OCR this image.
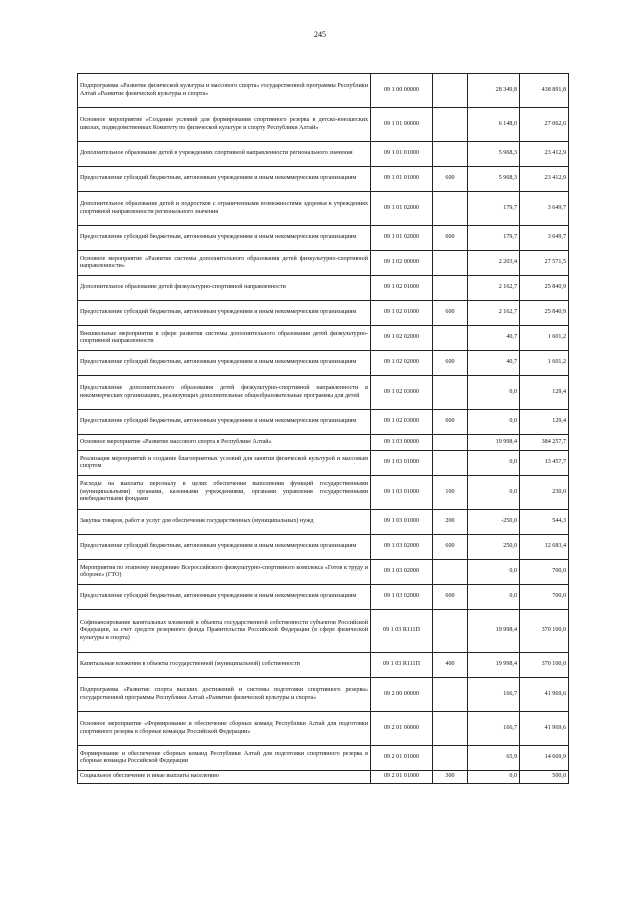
245
Подпрограмма «Развитие физической культуры и массового спорта» государственной программы Республики Алтай «Развитие физической культуры и спорта»	09 1 00 00000		28 349,8	438 891,8
Основное мероприятие «Создание условий для формирования спортивного резерва в детско-юношеских школах, подведомственных Комитету по физической культуре и спорту Республики Алтай»	09 1 01 00000		6 148,0	27 062,6
Дополнительное образование детей в учреждениях спортивной направленности регионального значения	09 1 01 01000		5 968,3	23 412,9
Предоставление субсидий бюджетным, автономным учреждениям и иным некоммерческим организациям	09 1 01 01000	600	5 968,3	23 412,9
Дополнительное образование детей и подростков с ограниченными возможностями здоровья в учреждениях спортивной направленности регионального значения	09 1 01 02000		179,7	3 649,7
Предоставление субсидий бюджетным, автономным учреждениям и иным некоммерческим организациям	09 1 01 02000	600	179,7	3 649,7
Основное мероприятие «Развитие системы дополнительного образования детей физкультурно-спортивной направленности»	09 1 02 00000		2 203,4	27 571,5
Дополнительное образование детей физкультурно-спортивной направленности	09 1 02 01000		2 162,7	25 840,9
Предоставление субсидий бюджетным, автономным учреждениям и иным некоммерческим организациям	09 1 02 01000	600	2 162,7	25 840,9
Внешкольные мероприятия в сфере развития системы дополнительного образования детей физкультурно-спортивной направленности	09 1 02 02000		40,7	1 601,2
Предоставление субсидий бюджетным, автономным учреждениям и иным некоммерческим организациям	09 1 02 02000	600	40,7	1 601,2
Предоставление дополнительного образования детей физкультурно-спортивной направленности в некоммерческих организациях, реализующих дополнительные общеобразовательные программы для детей	09 1 02 03000		0,0	129,4
Предоставление субсидий бюджетным, автономным учреждениям и иным некоммерческим организациям	09 1 02 03000	600	0,0	129,4
Основное мероприятие «Развитие массового спорта в Республике Алтай»	09 1 03 00000		19 998,4	384 257,7
Реализация мероприятий и создание благоприятных условий для занятия физической культурой и массовым спортом	09 1 03 01000		0,0	13 457,7
Расходы на выплаты персоналу в целях обеспечения выполнения функций государственными (муниципальными) органами, казенными учреждениями, органами управления государственными внебюджетными фондами	09 1 03 01000	100	0,0	230,0
Закупка товаров, работ и услуг для обеспечения государственных (муниципальных) нужд	09 1 03 01000	200	-250,0	544,3
Предоставление субсидий бюджетным, автономным учреждениям и иным некоммерческим организациям	09 1 03 02000	600	250,0	12 683,4
Мероприятия по этапному внедрению Всероссийского физкультурно-спортивного комплекса «Готов к труду и обороне» (ГТО)	09 1 03 02000		0,0	700,0
Предоставление субсидий бюджетным, автономным учреждениям и иным некоммерческим организациям	09 1 03 02000	600	0,0	700,0
Софинансирование капитальных вложений в объекты государственной собственности субъектов Российской Федерации, за счет средств резервного фонда Правительства Российской Федерации (в сфере физической культуры и спорта)	09 1 03 R111П		19 998,4	370 100,0
Капитальные вложения в объекты государственной (муниципальной) собственности	09 1 03 R111П	400	19 998,4	370 100,0
Подпрограмма «Развитие спорта высших достижений и системы подготовки спортивного резерва» государственной программы Республики Алтай «Развитие физической культуры и спорта»	09 2 00 00000		166,7	41 969,6
Основное мероприятие «Формирование и обеспечение сборных команд Республики Алтай для подготовки спортивного резерва в сборные команды Российской Федерации»	09 2 01 00000		166,7	41 969,6
Формирование и обеспечение сборных команд Республики Алтай для подготовки спортивного резерва в сборные команды Российской Федерации	09 2 01 01000		65,9	14 669,9
Социальное обеспечение и иные выплаты населению	09 2 01 01000	300	0,0	500,0
